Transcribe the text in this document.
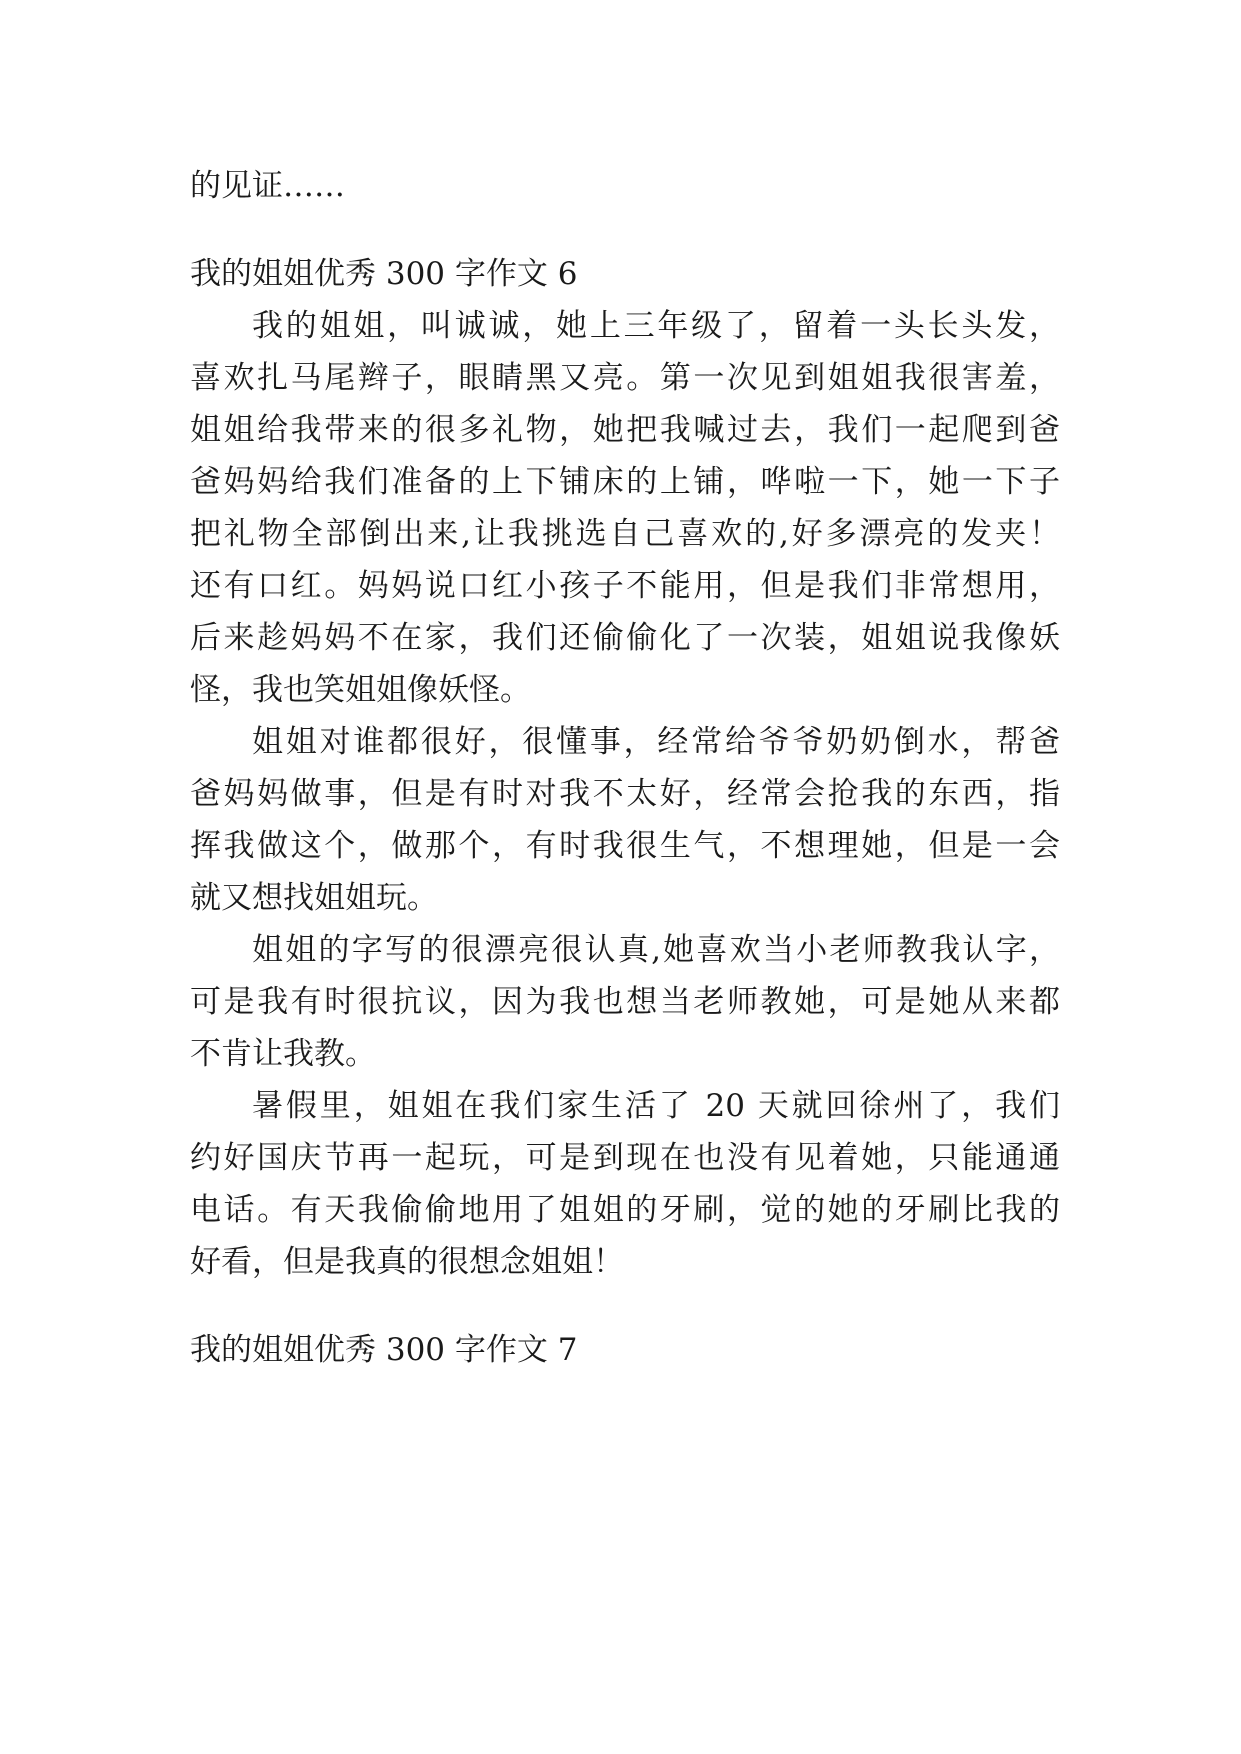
的见证……
我的姐姐优秀 300 字作文 6
我的姐姐，叫诚诚，她上三年级了，留着一头长头发，
喜欢扎马尾辫子，眼睛黑又亮。第一次见到姐姐我很害羞，
姐姐给我带来的很多礼物，她把我喊过去，我们一起爬到爸
爸妈妈给我们准备的上下铺床的上铺，哗啦一下，她一下子
把礼物全部倒出来,让我挑选自己喜欢的,好多漂亮的发夹！
还有口红。妈妈说口红小孩子不能用，但是我们非常想用，
后来趁妈妈不在家，我们还偷偷化了一次装，姐姐说我像妖
怪，我也笑姐姐像妖怪。
姐姐对谁都很好，很懂事，经常给爷爷奶奶倒水，帮爸
爸妈妈做事，但是有时对我不太好，经常会抢我的东西，指
挥我做这个，做那个，有时我很生气，不想理她，但是一会
就又想找姐姐玩。
姐姐的字写的很漂亮很认真,她喜欢当小老师教我认字，
可是我有时很抗议，因为我也想当老师教她，可是她从来都
不肯让我教。
暑假里，姐姐在我们家生活了 20 天就回徐州了，我们
约好国庆节再一起玩，可是到现在也没有见着她，只能通通
电话。有天我偷偷地用了姐姐的牙刷，觉的她的牙刷比我的
好看，但是我真的很想念姐姐！
我的姐姐优秀 300 字作文 7
